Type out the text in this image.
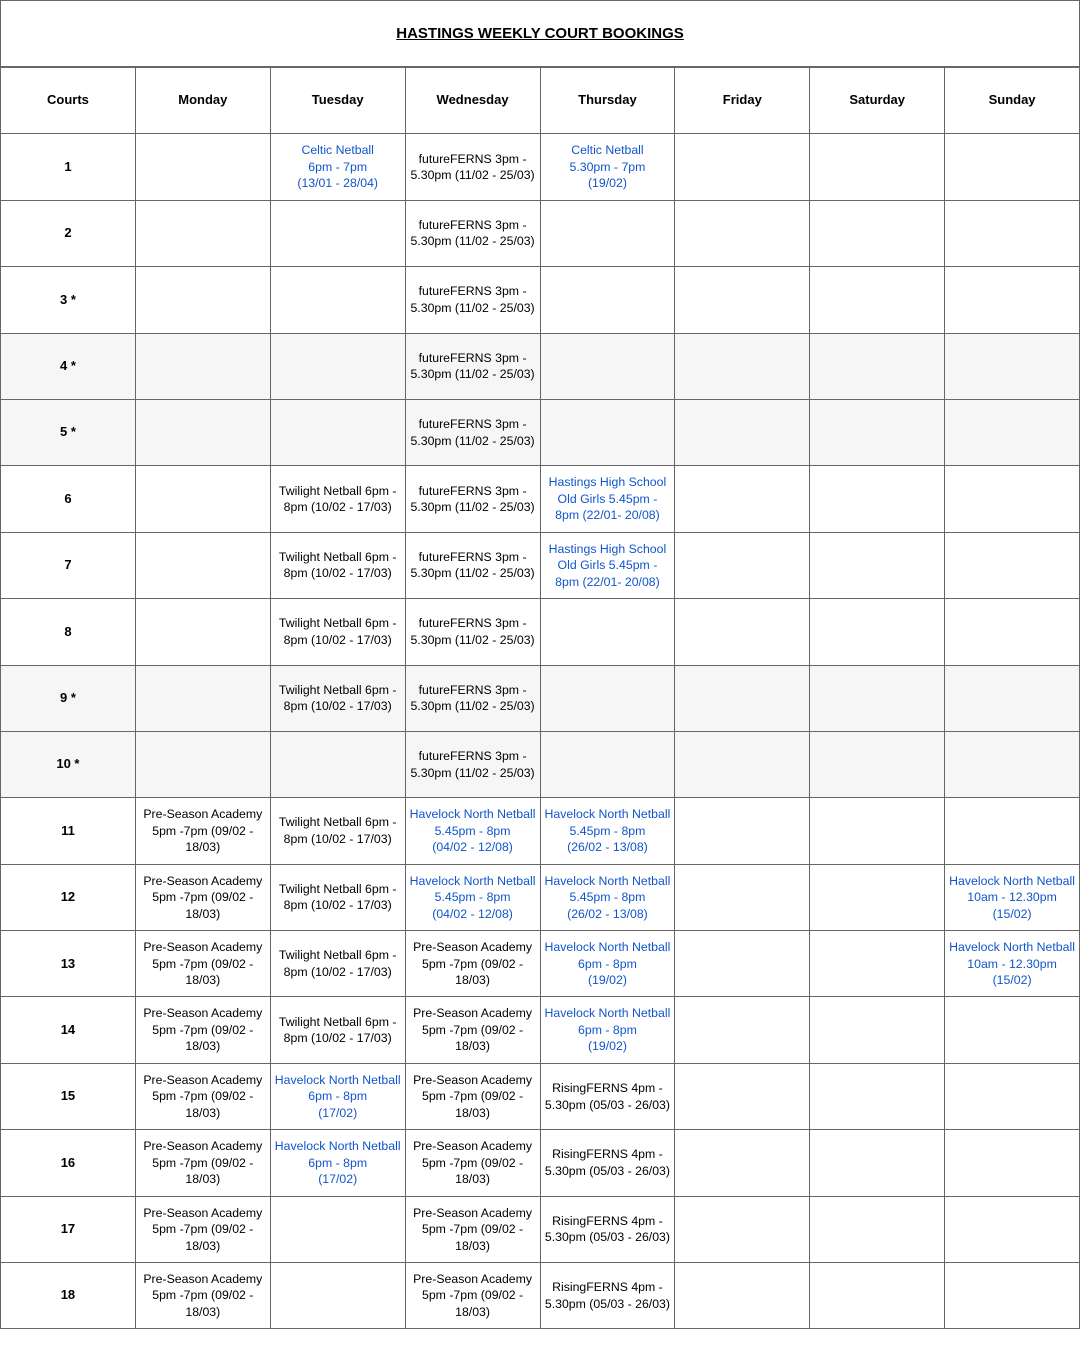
HASTINGS WEEKLY COURT BOOKINGS
Courts	Monday	Tuesday	Wednesday	Thursday	Friday	Saturday	Sunday
1		Celtic Netball
6pm - 7pm
(13/01 - 28/04)	futureFERNS 3pm - 5.30pm (11/02 - 25/03)	Celtic Netball
5.30pm - 7pm
(19/02)			

2			futureFERNS 3pm - 5.30pm (11/02 - 25/03)				

3 *			futureFERNS 3pm - 5.30pm (11/02 - 25/03)				

4 *			futureFERNS 3pm - 5.30pm (11/02 - 25/03)				

5 *			futureFERNS 3pm - 5.30pm (11/02 - 25/03)				

6		Twilight Netball 6pm - 8pm (10/02 - 17/03)	futureFERNS 3pm - 5.30pm (11/02 - 25/03)	Hastings High School Old Girls 5.45pm - 8pm (22/01- 20/08)			

7		Twilight Netball 6pm - 8pm (10/02 - 17/03)	futureFERNS 3pm - 5.30pm (11/02 - 25/03)	Hastings High School Old Girls 5.45pm - 8pm (22/01- 20/08)			

8		Twilight Netball 6pm - 8pm (10/02 - 17/03)	futureFERNS 3pm - 5.30pm (11/02 - 25/03)				

9 *		Twilight Netball 6pm - 8pm (10/02 - 17/03)	futureFERNS 3pm - 5.30pm (11/02 - 25/03)				

10 *			futureFERNS 3pm - 5.30pm (11/02 - 25/03)				

11	Pre-Season Academy 5pm -7pm (09/02 - 18/03)	Twilight Netball 6pm - 8pm (10/02 - 17/03)	Havelock North Netball
5.45pm - 8pm
(04/02 - 12/08)	Havelock North Netball
5.45pm - 8pm
(26/02 - 13/08)			

12	Pre-Season Academy 5pm -7pm (09/02 - 18/03)	Twilight Netball 6pm - 8pm (10/02 - 17/03)	Havelock North Netball
5.45pm - 8pm
(04/02 - 12/08)	Havelock North Netball
5.45pm - 8pm
(26/02 - 13/08)			Havelock North Netball
10am - 12.30pm
(15/02)

13	Pre-Season Academy 5pm -7pm (09/02 - 18/03)	Twilight Netball 6pm - 8pm (10/02 - 17/03)	Pre-Season Academy 5pm -7pm (09/02 - 18/03)	Havelock North Netball
6pm - 8pm
(19/02)			Havelock North Netball
10am - 12.30pm
(15/02)

14	Pre-Season Academy 5pm -7pm (09/02 - 18/03)	Twilight Netball 6pm - 8pm (10/02 - 17/03)	Pre-Season Academy 5pm -7pm (09/02 - 18/03)	Havelock North Netball
6pm - 8pm
(19/02)			

15	Pre-Season Academy 5pm -7pm (09/02 - 18/03)	Havelock North Netball
6pm - 8pm
(17/02)	Pre-Season Academy 5pm -7pm (09/02 - 18/03)	RisingFERNS 4pm - 5.30pm (05/03 - 26/03)			

16	Pre-Season Academy 5pm -7pm (09/02 - 18/03)	Havelock North Netball
6pm - 8pm
(17/02)	Pre-Season Academy 5pm -7pm (09/02 - 18/03)	RisingFERNS 4pm - 5.30pm (05/03 - 26/03)			

17	Pre-Season Academy 5pm -7pm (09/02 - 18/03)		Pre-Season Academy 5pm -7pm (09/02 - 18/03)	RisingFERNS 4pm - 5.30pm (05/03 - 26/03)			

18	Pre-Season Academy 5pm -7pm (09/02 - 18/03)		Pre-Season Academy 5pm -7pm (09/02 - 18/03)	RisingFERNS 4pm - 5.30pm (05/03 - 26/03)			
